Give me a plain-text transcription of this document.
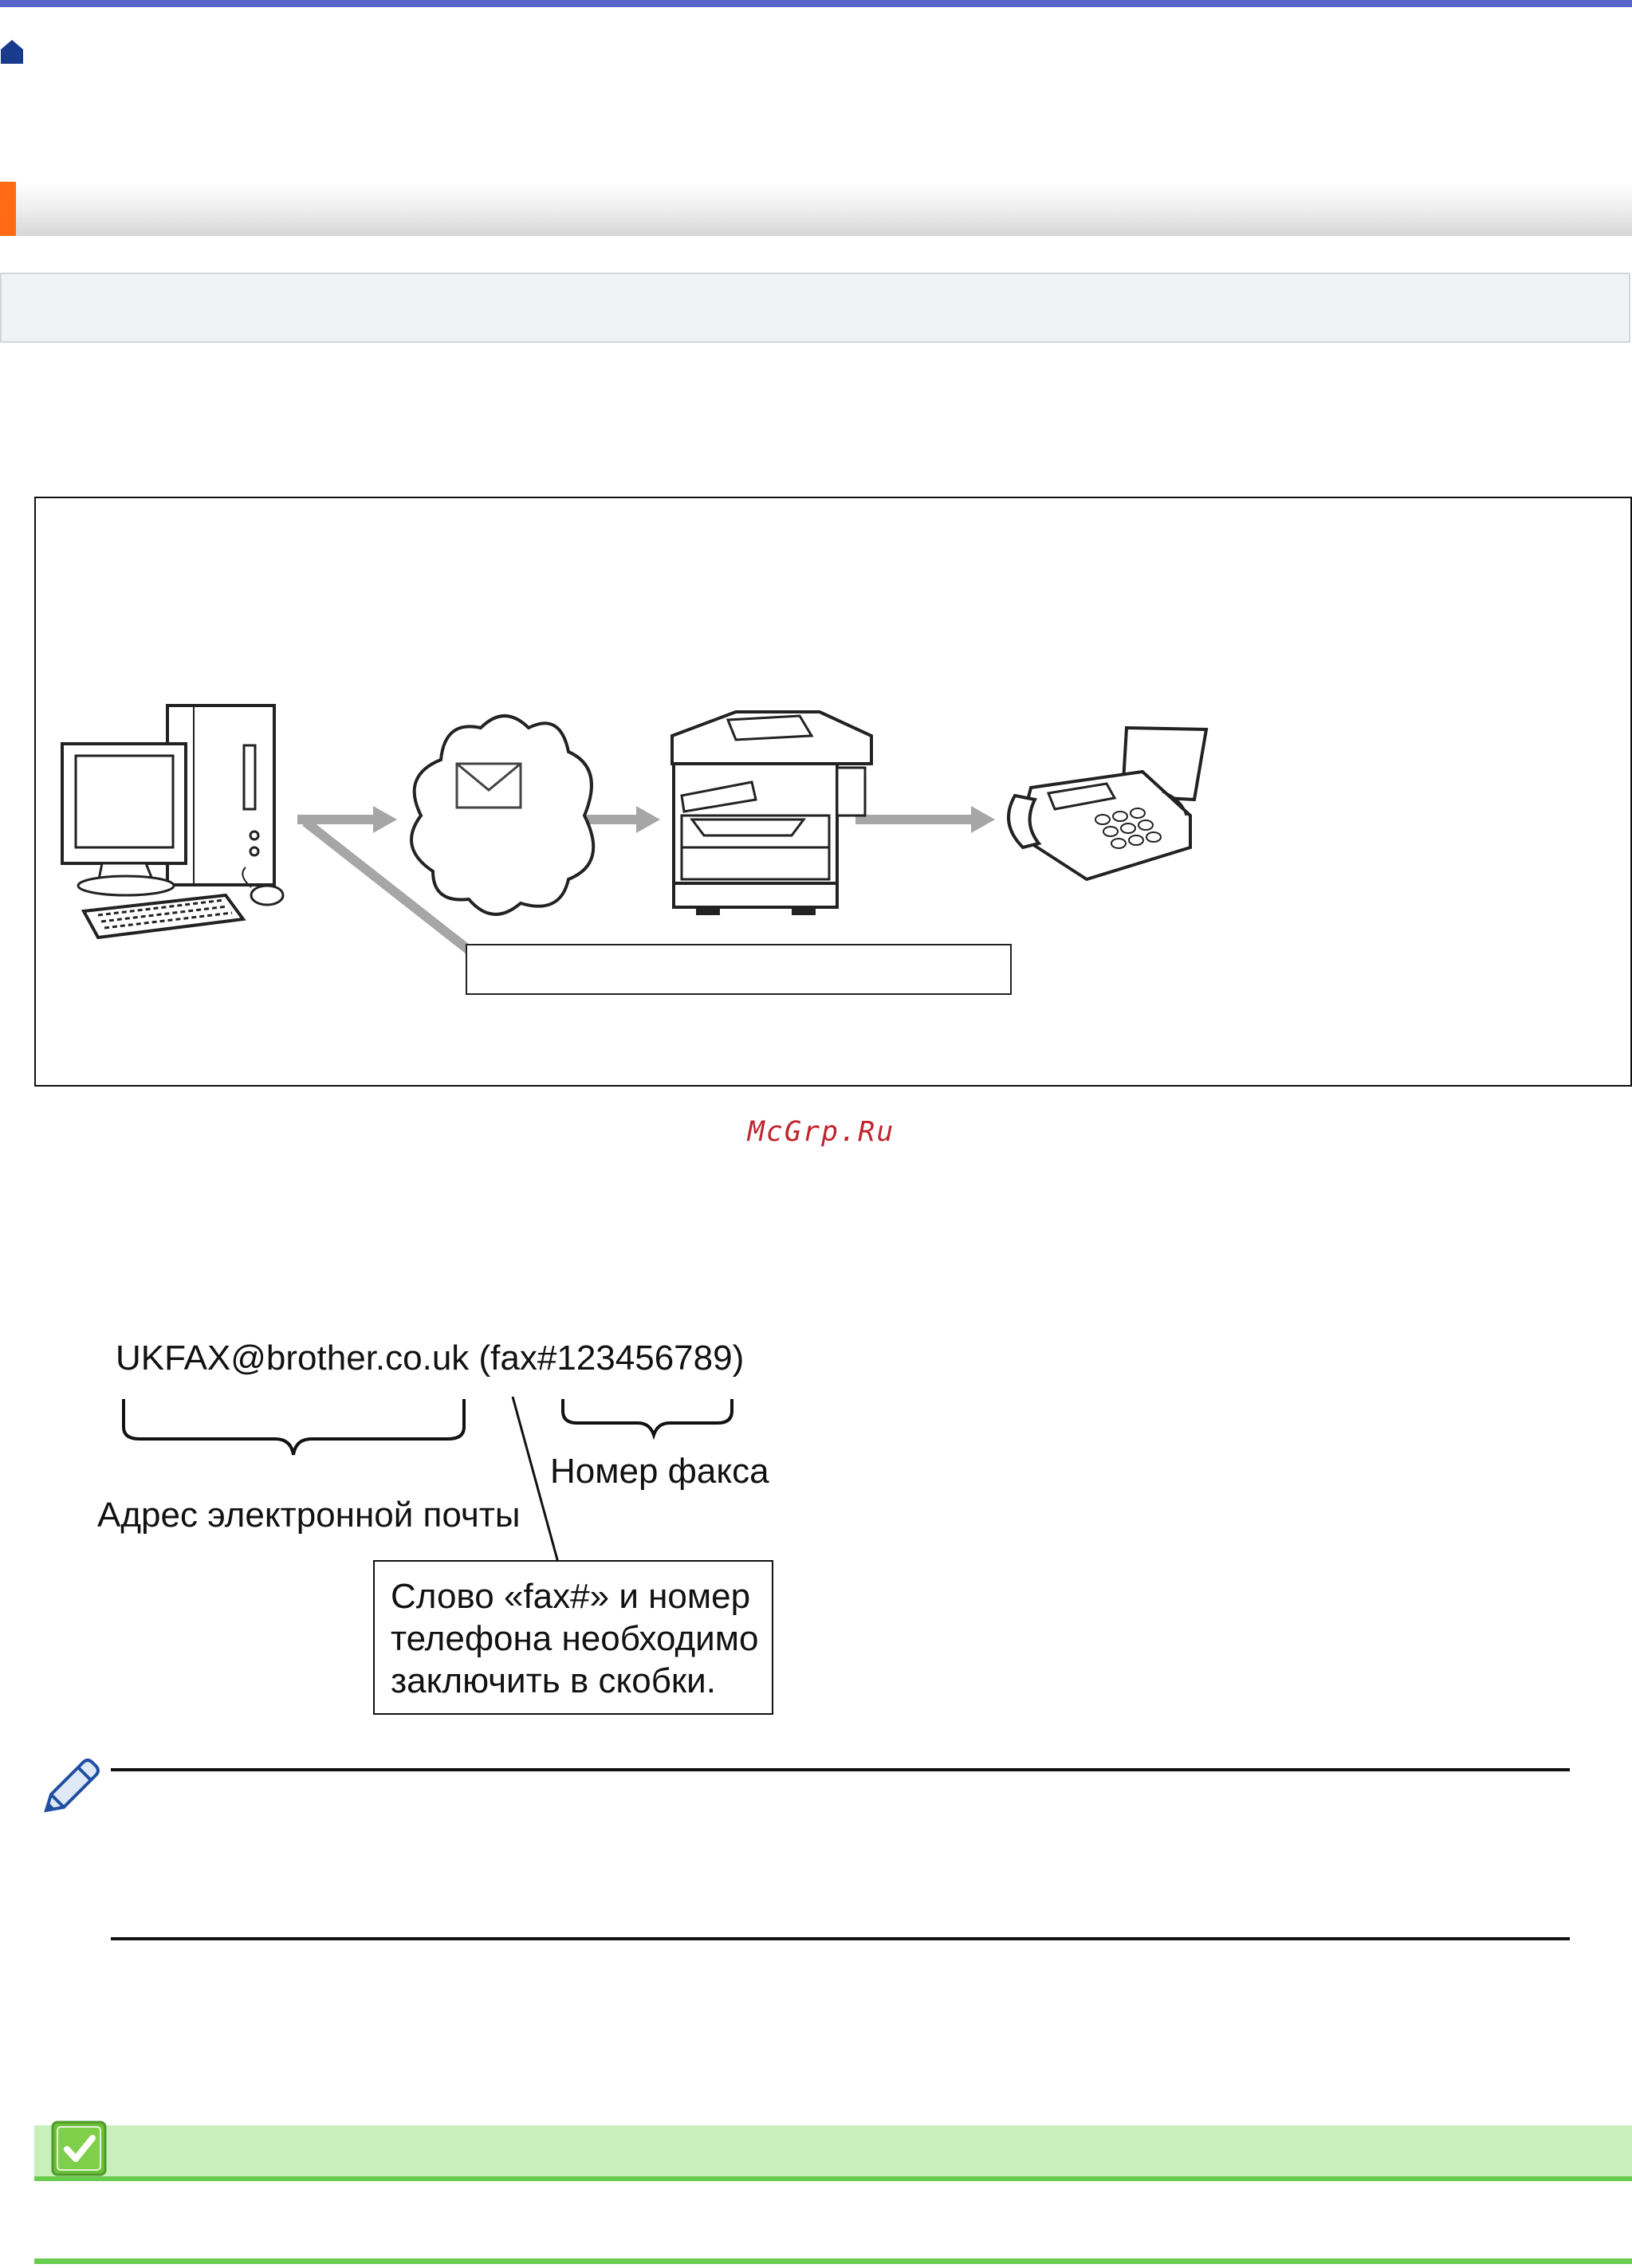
McGrp.Ru
UKFAX@brother.co.uk (fax#123456789)
Номер факса
Адрес электронной почты
Слово «fax#» и номер
телефона необходимо
заключить в скобки.
